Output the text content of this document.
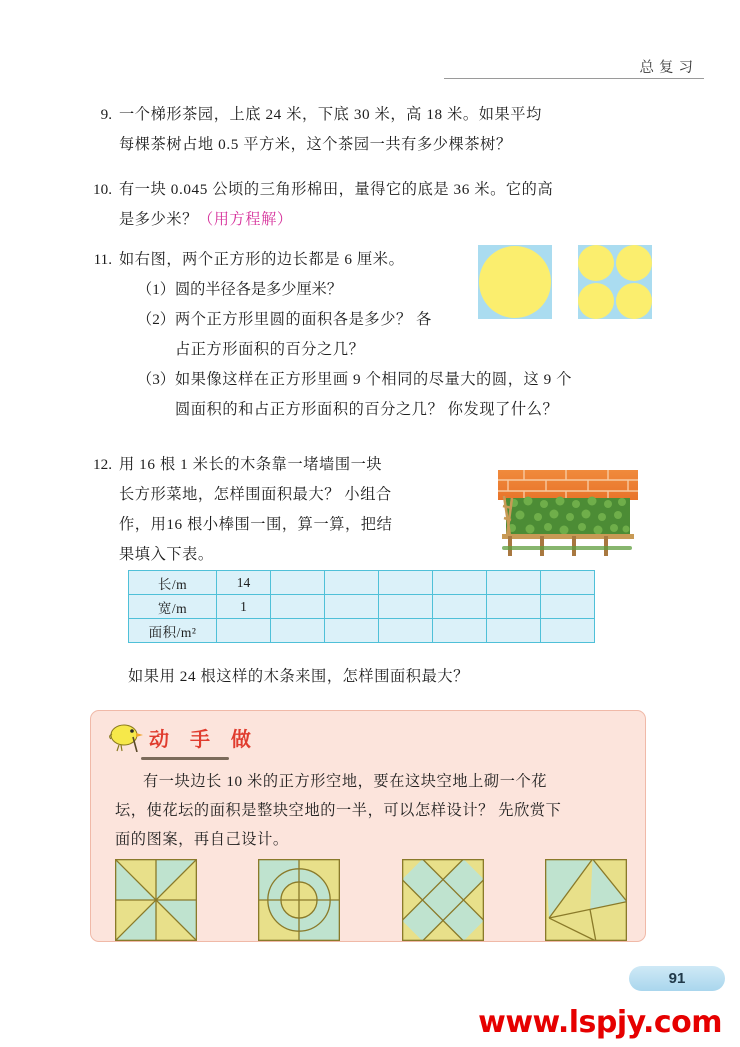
总复习
9. 一个梯形茶园，上底 24 米，下底 30 米，高 18 米。如果平均
每棵茶树占地 0.5 平方米，这个茶园一共有多少棵茶树？
10. 有一块 0.045 公顷的三角形棉田，量得它的底是 36 米。它的高
是多少米？（用方程解）
11. 如右图，两个正方形的边长都是 6 厘米。
（1） 圆的半径各是多少厘米？
（2） 两个正方形里圆的面积各是多少？ 各
占正方形面积的百分之几？
（3） 如果像这样在正方形里画 9 个相同的尽量大的圆，这 9 个
圆面积的和占正方形面积的百分之几？ 你发现了什么？
12. 用 16 根 1 米长的木条靠一堵墙围一块
长方形菜地，怎样围面积最大？ 小组合
作，用16 根小棒围一围，算一算，把结
果填入下表。
长/m	14						
宽/m	1						
面积/m²							
如果用 24 根这样的木条来围，怎样围面积最大？
动 手 做
有一块边长 10 米的正方形空地，要在这块空地上砌一个花
坛，使花坛的面积是整块空地的一半，可以怎样设计？ 先欣赏下
面的图案，再自己设计。
91
www.lspjy.com
